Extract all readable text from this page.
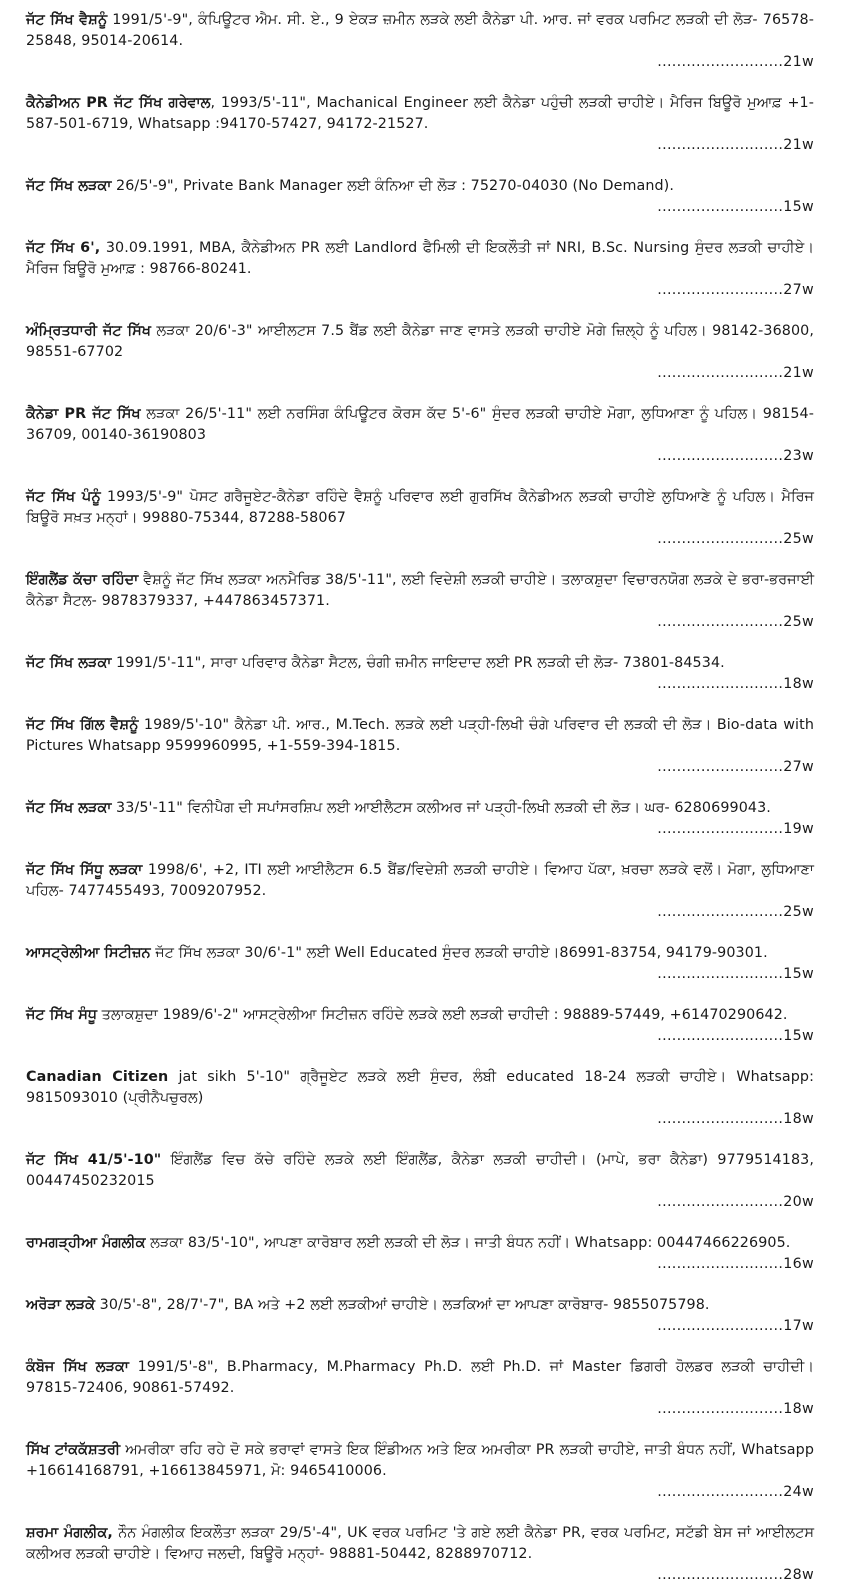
ਜੱਟ ਸਿੱਖ ਵੈਸ਼ਨੂੰ 1991/5'-9", ਕੰਪਿਊਟਰ ਐਮ. ਸੀ. ਏ., 9 ਏਕੜ ਜ਼ਮੀਨ ਲੜਕੇ ਲਈ ਕੈਨੇਡਾ ਪੀ. ਆਰ. ਜਾਂ ਵਰਕ ਪਰਮਿਟ ਲੜਕੀ ਦੀ ਲੋੜ- 76578-25848, 95014-20614.
..........................21w
ਕੈਨੇਡੀਅਨ PR ਜੱਟ ਸਿੱਖ ਗਰੇਵਾਲ, 1993/5'-11", Machanical Engineer ਲਈ ਕੈਨੇਡਾ ਪਹੁੰਚੀ ਲੜਕੀ ਚਾਹੀਏ। ਮੈਰਿਜ ਬਿਊਰੋ ਮੁਆਫ਼ +1-587-501-6719, Whatsapp :94170-57427, 94172-21527.
..........................21w
ਜੱਟ ਸਿੱਖ ਲੜਕਾ 26/5'-9", Private Bank Manager ਲਈ ਕੰਨਿਆ ਦੀ ਲੋੜ : 75270-04030 (No Demand).
..........................15w
ਜੱਟ ਸਿੱਖ 6', 30.09.1991, MBA, ਕੈਨੇਡੀਅਨ PR ਲਈ Landlord ਫੈਮਿਲੀ ਦੀ ਇਕਲੌਤੀ ਜਾਂ NRI, B.Sc. Nursing ਸੁੰਦਰ ਲੜਕੀ ਚਾਹੀਏ। ਮੈਰਿਜ ਬਿਊਰੋ ਮੁਆਫ਼ : 98766-80241.
..........................27w
ਅੰਮ੍ਰਿਤਧਾਰੀ ਜੱਟ ਸਿੱਖ ਲੜਕਾ 20/6'-3" ਆਈਲਟਸ 7.5 ਬੈਂਡ ਲਈ ਕੈਨੇਡਾ ਜਾਣ ਵਾਸਤੇ ਲੜਕੀ ਚਾਹੀਏ ਮੋਗੇ ਜ਼ਿਲ੍ਹੇ ਨੂੰ ਪਹਿਲ। 98142-36800, 98551-67702
..........................21w
ਕੈਨੇਡਾ PR ਜੱਟ ਸਿੱਖ ਲੜਕਾ 26/5'-11" ਲਈ ਨਰਸਿੰਗ ਕੰਪਿਊਟਰ ਕੋਰਸ ਕੱਦ 5'-6" ਸੁੰਦਰ ਲੜਕੀ ਚਾਹੀਏ ਮੋਗਾ, ਲੁਧਿਆਣਾ ਨੂੰ ਪਹਿਲ। 98154-36709, 00140-36190803
..........................23w
ਜੱਟ ਸਿੱਖ ਪੰਨੂੰ 1993/5'-9" ਪੋਸਟ ਗਰੈਜੂਏਟ-ਕੈਨੇਡਾ ਰਹਿੰਦੇ ਵੈਸ਼ਨੂੰ ਪਰਿਵਾਰ ਲਈ ਗੁਰਸਿੱਖ ਕੈਨੇਡੀਅਨ ਲੜਕੀ ਚਾਹੀਏ ਲੁਧਿਆਣੇ ਨੂੰ ਪਹਿਲ। ਮੈਰਿਜ ਬਿਊਰੋ ਸਖ਼ਤ ਮਨ੍ਹਾਂ। 99880-75344, 87288-58067
..........................25w
ਇੰਗਲੈਂਡ ਕੱਚਾ ਰਹਿੰਦਾ ਵੈਸ਼ਨੂੰ ਜੱਟ ਸਿੱਖ ਲੜਕਾ ਅਨਮੈਰਿਡ 38/5'-11", ਲਈ ਵਿਦੇਸ਼ੀ ਲੜਕੀ ਚਾਹੀਏ। ਤਲਾਕਸ਼ੁਦਾ ਵਿਚਾਰਨਯੋਗ ਲੜਕੇ ਦੇ ਭਰਾ-ਭਰਜਾਈ ਕੈਨੇਡਾ ਸੈਟਲ- 9878379337, +447863457371.
..........................25w
ਜੱਟ ਸਿੱਖ ਲੜਕਾ 1991/5'-11", ਸਾਰਾ ਪਰਿਵਾਰ ਕੈਨੇਡਾ ਸੈਟਲ, ਚੰਗੀ ਜ਼ਮੀਨ ਜਾਇਦਾਦ ਲਈ PR ਲੜਕੀ ਦੀ ਲੋੜ- 73801-84534.
..........................18w
ਜੱਟ ਸਿੱਖ ਗਿੱਲ ਵੈਸ਼ਨੂੰ 1989/5'-10" ਕੈਨੇਡਾ ਪੀ. ਆਰ., M.Tech. ਲੜਕੇ ਲਈ ਪੜ੍ਹੀ-ਲਿਖੀ ਚੰਗੇ ਪਰਿਵਾਰ ਦੀ ਲੜਕੀ ਦੀ ਲੋੜ। Bio-data with Pictures Whatsapp 9599960995, +1-559-394-1815.
..........................27w
ਜੱਟ ਸਿੱਖ ਲੜਕਾ 33/5'-11" ਵਿਨੀਪੈਗ ਦੀ ਸਪਾਂਸਰਸ਼ਿਪ ਲਈ ਆਈਲੈਟਸ ਕਲੀਅਰ ਜਾਂ ਪੜ੍ਹੀ-ਲਿਖੀ ਲੜਕੀ ਦੀ ਲੋੜ। ਘਰ- 6280699043.
..........................19w
ਜੱਟ ਸਿੱਖ ਸਿੱਧੂ ਲੜਕਾ 1998/6', +2, ITI ਲਈ ਆਈਲੈਟਸ 6.5 ਬੈਂਡ/ਵਿਦੇਸ਼ੀ ਲੜਕੀ ਚਾਹੀਏ। ਵਿਆਹ ਪੱਕਾ, ਖ਼ਰਚਾ ਲੜਕੇ ਵਲੋਂ। ਮੋਗਾ, ਲੁਧਿਆਣਾ ਪਹਿਲ- 7477455493, 7009207952.
..........................25w
ਆਸਟ੍ਰੇਲੀਆ ਸਿਟੀਜ਼ਨ ਜੱਟ ਸਿੱਖ ਲੜਕਾ 30/6'-1" ਲਈ Well Educated ਸੁੰਦਰ ਲੜਕੀ ਚਾਹੀਏ।86991-83754, 94179-90301.
..........................15w
ਜੱਟ ਸਿੱਖ ਸੰਧੂ ਤਲਾਕਸ਼ੁਦਾ 1989/6'-2" ਆਸਟ੍ਰੇਲੀਆ ਸਿਟੀਜ਼ਨ ਰਹਿੰਦੇ ਲੜਕੇ ਲਈ ਲੜਕੀ ਚਾਹੀਦੀ : 98889-57449, +61470290642.
..........................15w
Canadian Citizen jat sikh 5'-10" ਗ੍ਰੈਜੂਏਟ ਲੜਕੇ ਲਈ ਸੁੰਦਰ, ਲੰਬੀ educated 18-24 ਲੜਕੀ ਚਾਹੀਏ। Whatsapp: 9815093010 (ਪ੍ਰੀਨੈਪਚੁਰਲ)
..........................18w
ਜੱਟ ਸਿੱਖ 41/5'-10" ਇੰਗਲੈਂਡ ਵਿਚ ਕੱਚੇ ਰਹਿੰਦੇ ਲੜਕੇ ਲਈ ਇੰਗਲੈਂਡ, ਕੈਨੇਡਾ ਲੜਕੀ ਚਾਹੀਦੀ। (ਮਾਪੇ, ਭਰਾ ਕੈਨੇਡਾ) 9779514183, 00447450232015
..........................20w
ਰਾਮਗੜ੍ਹੀਆ ਮੰਗਲੀਕ ਲੜਕਾ 83/5'-10", ਆਪਣਾ ਕਾਰੋਬਾਰ ਲਈ ਲੜਕੀ ਦੀ ਲੋੜ। ਜਾਤੀ ਬੰਧਨ ਨਹੀਂ। Whatsapp: 00447466226905.
..........................16w
ਅਰੋੜਾ ਲੜਕੇ 30/5'-8", 28/7'-7", BA ਅਤੇ +2 ਲਈ ਲੜਕੀਆਂ ਚਾਹੀਏ। ਲੜਕਿਆਂ ਦਾ ਆਪਣਾ ਕਾਰੋਬਾਰ- 9855075798.
..........................17w
ਕੰਬੋਜ ਸਿੱਖ ਲੜਕਾ 1991/5'-8", B.Pharmacy, M.Pharmacy Ph.D. ਲਈ Ph.D. ਜਾਂ Master ਡਿਗਰੀ ਹੋਲਡਰ ਲੜਕੀ ਚਾਹੀਦੀ। 97815-72406, 90861-57492.
..........................18w
ਸਿੱਖ ਟਾਂਕਕੱਸ਼ਤਰੀ ਅਮਰੀਕਾ ਰਹਿ ਰਹੇ ਦੋ ਸਕੇ ਭਰਾਵਾਂ ਵਾਸਤੇ ਇਕ ਇੰਡੀਅਨ ਅਤੇ ਇਕ ਅਮਰੀਕਾ PR ਲੜਕੀ ਚਾਹੀਏ, ਜਾਤੀ ਬੰਧਨ ਨਹੀਂ, Whatsapp +16614168791, +16613845971, ਮੋ: 9465410006.
..........................24w
ਸ਼ਰਮਾ ਮੰਗਲੀਕ, ਨੌਨ ਮੰਗਲੀਕ ਇਕਲੌਤਾ ਲੜਕਾ 29/5'-4", UK ਵਰਕ ਪਰਮਿਟ 'ਤੇ ਗਏ ਲਈ ਕੈਨੇਡਾ PR, ਵਰਕ ਪਰਮਿਟ, ਸਟੱਡੀ ਬੇਸ ਜਾਂ ਆਈਲਟਸ ਕਲੀਅਰ ਲੜਕੀ ਚਾਹੀਏ। ਵਿਆਹ ਜਲਦੀ, ਬਿਊਰੋ ਮਨ੍ਹਾਂ- 98881-50442, 8288970712.
..........................28w
